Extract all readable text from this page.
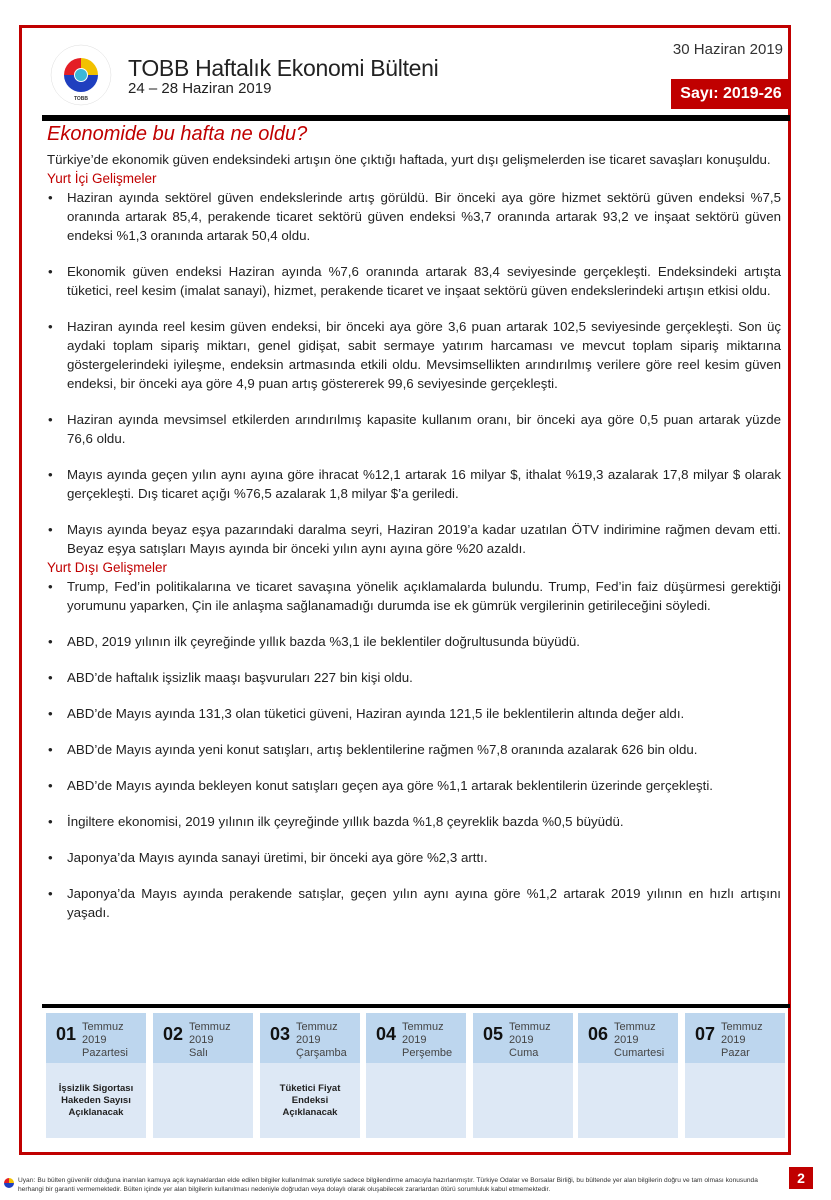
TOBB
TOBB Haftalık Ekonomi Bülteni
24 – 28 Haziran 2019
30 Haziran 2019
Sayı: 2019-26
Ekonomide bu hafta ne oldu?

Türkiye’de ekonomik güven endeksindeki artışın öne çıktığı haftada, yurt dışı gelişmelerden ise ticaret savaşları konuşuldu.

Yurt İçi Gelişmeler

• Haziran ayında sektörel güven endekslerinde artış görüldü. Bir önceki aya göre hizmet sektörü güven endeksi %7,5 oranında artarak 85,4, perakende ticaret sektörü güven endeksi %3,7 oranında artarak 93,2 ve inşaat sektörü güven endeksi %1,3 oranında artarak 50,4 oldu.
• Ekonomik güven endeksi Haziran ayında %7,6 oranında artarak 83,4 seviyesinde gerçekleşti. Endeksindeki artışta tüketici, reel kesim (imalat sanayi), hizmet, perakende ticaret ve inşaat sektörü güven endekslerindeki artışın etkisi oldu.
• Haziran ayında reel kesim güven endeksi, bir önceki aya göre 3,6 puan artarak 102,5 seviyesinde gerçekleşti. Son üç aydaki toplam sipariş miktarı, genel gidişat, sabit sermaye yatırım harcaması ve mevcut toplam sipariş miktarına göstergelerindeki iyileşme, endeksin artmasında etkili oldu. Mevsimsellikten arındırılmış verilere göre reel kesim güven endeksi, bir önceki aya göre 4,9 puan artış göstererek 99,6 seviyesinde gerçekleşti.
• Haziran ayında mevsimsel etkilerden arındırılmış kapasite kullanım oranı, bir önceki aya göre 0,5 puan artarak yüzde 76,6 oldu.
• Mayıs ayında geçen yılın aynı ayına göre ihracat %12,1 artarak 16 milyar $, ithalat %19,3 azalarak 17,8 milyar $ olarak gerçekleşti. Dış ticaret açığı %76,5 azalarak 1,8 milyar $’a geriledi.
• Mayıs ayında beyaz eşya pazarındaki daralma seyri, Haziran 2019’a kadar uzatılan ÖTV indirimine rağmen devam etti. Beyaz eşya satışları Mayıs ayında bir önceki yılın aynı ayına göre %20 azaldı.

Yurt Dışı Gelişmeler

• Trump, Fed’in politikalarına ve ticaret savaşına yönelik açıklamalarda bulundu. Trump, Fed’in faiz düşürmesi gerektiği yorumunu yaparken, Çin ile anlaşma sağlanamadığı durumda ise ek gümrük vergilerinin getirileceğini söyledi.
• ABD, 2019 yılının ilk çeyreğinde yıllık bazda %3,1 ile beklentiler doğrultusunda büyüdü.
• ABD’de haftalık işsizlik maaşı başvuruları 227 bin kişi oldu.
• ABD’de Mayıs ayında 131,3 olan tüketici güveni, Haziran ayında 121,5 ile beklentilerin altında değer aldı.
• ABD’de Mayıs ayında yeni konut satışları, artış beklentilerine rağmen %7,8 oranında azalarak 626 bin oldu.
• ABD’de Mayıs ayında bekleyen konut satışları geçen aya göre %1,1 artarak beklentilerin üzerinde gerçekleşti.
• İngiltere ekonomisi, 2019 yılının ilk çeyreğinde yıllık bazda %1,8 çeyreklik bazda %0,5 büyüdü.
• Japonya’da Mayıs ayında sanayi üretimi, bir önceki aya göre %2,3 arttı.
• Japonya’da Mayıs ayında perakende satışlar, geçen yılın aynı ayına göre %1,2 artarak 2019 yılının en hızlı artışını yaşadı.
01 Temmuz 2019
Pazartesi
İşsizlik Sigortası Hakeden Sayısı Açıklanacak
02 Temmuz 2019
Salı
03 Temmuz 2019
Çarşamba
Tüketici Fiyat Endeksi Açıklanacak
04 Temmuz 2019
Perşembe
05 Temmuz 2019
Cuma
06 Temmuz 2019
Cumartesi
07 Temmuz 2019
Pazar
Uyarı: Bu bülten güvenilir olduğuna inanılan kamuya açık kaynaklardan elde edilen bilgiler kullanılmak suretiyle sadece bilgilendirme amacıyla hazırlanmıştır. Türkiye Odalar ve Borsalar Birliği, bu bültende yer alan bilgilerin doğru ve tam olması konusunda herhangi bir garanti vermemektedir. Bülten içinde yer alan bilgilerin kullanılması nedeniyle doğrudan veya dolaylı olarak oluşabilecek zararlardan ötürü sorumluluk kabul etmemektedir.
2
